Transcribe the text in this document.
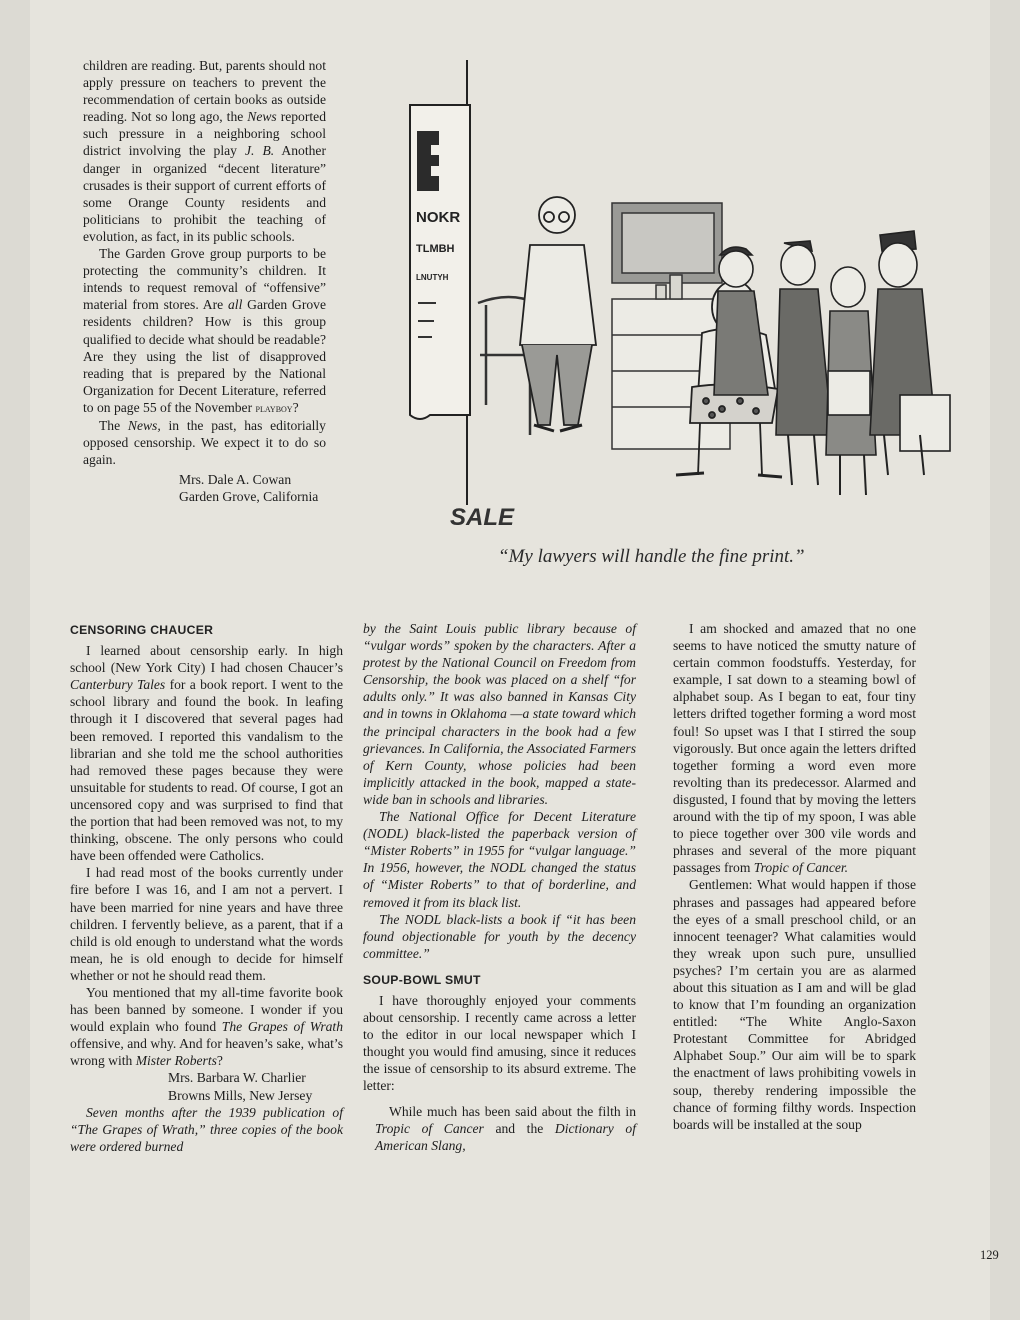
children are reading. But, parents should not apply pressure on teachers to prevent the recommendation of certain books as outside reading. Not so long ago, the News reported such pressure in a neighboring school district involving the play J. B. Another danger in organized “decent literature” crusades is their support of current efforts of some Orange County residents and politicians to prohibit the teaching of evolution, as fact, in its public schools.

The Garden Grove group purports to be protecting the community’s children. It intends to request removal of “offensive” material from stores. Are all Garden Grove residents children? How is this group qualified to decide what should be readable? Are they using the list of disapproved reading that is prepared by the National Organization for Decent Literature, referred to on page 55 of the November playboy?

The News, in the past, has editorially opposed censorship. We expect it to do so again.

Mrs. Dale A. Cowan
Garden Grove, California
NOKR
TLMBH
LNUTYH
SALE
“My lawyers will handle the fine print.”
CENSORING CHAUCER

I learned about censorship early. In high school (New York City) I had chosen Chaucer’s Canterbury Tales for a book report. I went to the school library and found the book. In leafing through it I discovered that several pages had been removed. I reported this vandalism to the librarian and she told me the school authorities had removed these pages because they were unsuitable for students to read. Of course, I got an uncensored copy and was surprised to find that the portion that had been removed was not, to my thinking, obscene. The only persons who could have been offended were Catholics.

I had read most of the books currently under fire before I was 16, and I am not a pervert. I have been married for nine years and have three children. I fervently believe, as a parent, that if a child is old enough to understand what the words mean, he is old enough to decide for himself whether or not he should read them.

You mentioned that my all-time favorite book has been banned by someone. I wonder if you would explain who found The Grapes of Wrath offensive, and why. And for heaven’s sake, what’s wrong with Mister Roberts?

Mrs. Barbara W. Charlier
Browns Mills, New Jersey

Seven months after the 1939 publication of “The Grapes of Wrath,” three copies of the book were ordered burned

by the Saint Louis public library because of “vulgar words” spoken by the characters. After a protest by the National Council on Freedom from Censorship, the book was placed on a shelf “for adults only.” It was also banned in Kansas City and in towns in Oklahoma —a state toward which the principal characters in the book had a few grievances. In California, the Associated Farmers of Kern County, whose policies had been implicitly attacked in the book, mapped a state-wide ban in schools and libraries.

The National Office for Decent Literature (NODL) black-listed the paperback version of “Mister Roberts” in 1955 for “vulgar language.” In 1956, however, the NODL changed the status of “Mister Roberts” to that of borderline, and removed it from its black list.

The NODL black-lists a book if “it has been found objectionable for youth by the decency committee.”

SOUP-BOWL SMUT

I have thoroughly enjoyed your comments about censorship. I recently came across a letter to the editor in our local newspaper which I thought you would find amusing, since it reduces the issue of censorship to its absurd extreme. The letter:

While much has been said about the filth in Tropic of Cancer and the Dictionary of American Slang,

I am shocked and amazed that no one seems to have noticed the smutty nature of certain common foodstuffs. Yesterday, for example, I sat down to a steaming bowl of alphabet soup. As I began to eat, four tiny letters drifted together forming a word most foul! So upset was I that I stirred the soup vigorously. But once again the letters drifted together forming a word even more revolting than its predecessor. Alarmed and disgusted, I found that by moving the letters around with the tip of my spoon, I was able to piece together over 300 vile words and phrases and several of the more piquant passages from Tropic of Cancer.

Gentlemen: What would happen if those phrases and passages had appeared before the eyes of a small preschool child, or an innocent teenager? What calamities would they wreak upon such pure, unsullied psyches? I’m certain you are as alarmed about this situation as I am and will be glad to know that I’m founding an organization entitled: “The White Anglo-Saxon Protestant Committee for Abridged Alphabet Soup.” Our aim will be to spark the enactment of laws prohibiting vowels in soup, thereby rendering impossible the chance of forming filthy words. Inspection boards will be installed at the soup

129
